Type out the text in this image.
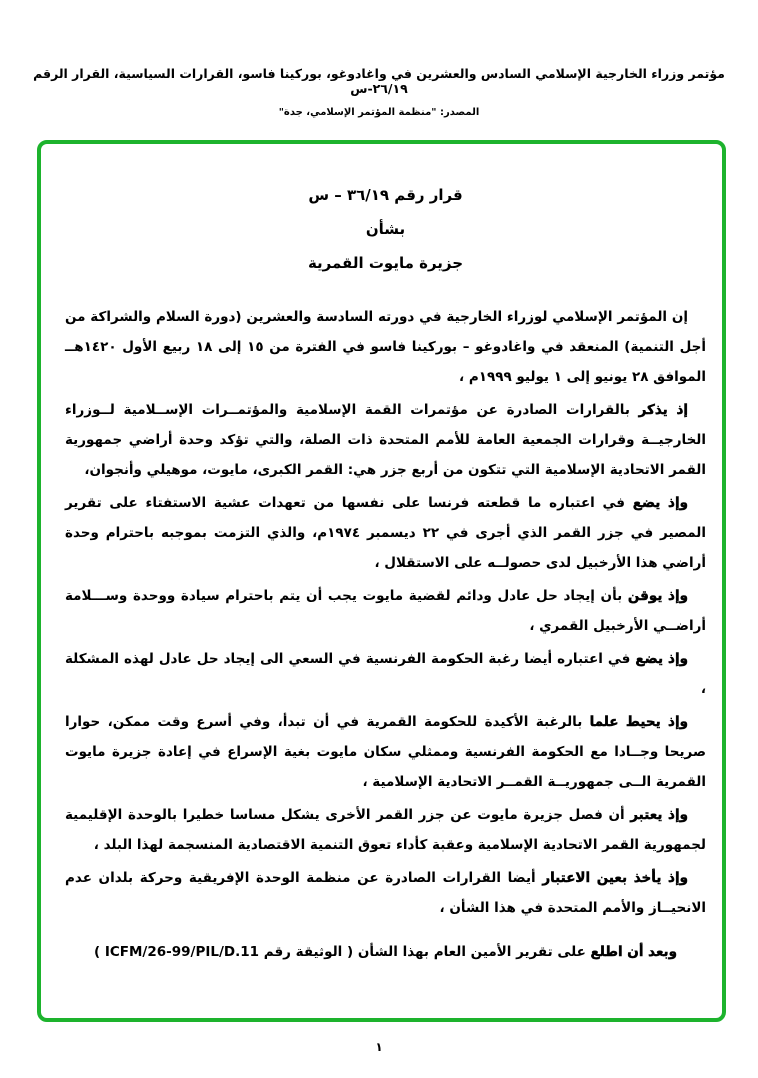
مؤتمر وزراء الخارجية الإسلامي السادس والعشرين في واغادوغو، بوركينا فاسو، القرارات السياسية، القرار الرقم ٢٦/١٩-س
المصدر: "منظمة المؤتمر الإسلامي، جدة"
قرار رقم ٣٦/١٩ – س
بشأن
جزيرة مايوت القمرية

إن المؤتمر الإسلامي لوزراء الخارجية في دورته السادسة والعشرين (دورة السلام والشراكة من أجل التنمية) المنعقد في واغادوغو – بوركينا فاسو في الفترة من ١٥ إلى ١٨ ربيع الأول ١٤٢٠هــ الموافق ٢٨ يونيو إلى ١ يوليو ١٩٩٩م ،

إذ يذكر بالقرارات الصادرة عن مؤتمرات القمة الإسلامية والمؤتمــرات الإســلامية لــوزراء الخارجيــة وقرارات الجمعية العامة للأمم المتحدة ذات الصلة، والتي تؤكد وحدة أراضي جمهورية القمر الاتحادية الإسلامية التي تتكون من أربع جزر هي: القمر الكبرى، مايوت، موهيلي وأنجوان،

وإذ يضع في اعتباره ما قطعته فرنسا على نفسها من تعهدات عشية الاستفتاء على تقرير المصير في جزر القمر الذي أجرى في ٢٢ ديسمبر ١٩٧٤م، والذي التزمت بموجبه باحترام وحدة أراضي هذا الأرخبيل لدى حصولــه على الاستقلال ،

وإذ يوقن بأن إيجاد حل عادل ودائم لقضية مايوت يجب أن يتم باحترام سيادة ووحدة وســـلامة أراضــي الأرخبيل القمري ،

وإذ يضع في اعتباره أيضا رغبة الحكومة الفرنسية في السعي الى إيجاد حل عادل لهذه المشكلة ،

وإذ يحيط علما بالرغبة الأكيدة للحكومة القمرية في أن تبدأ، وفي أسرع وقت ممكن، حوارا صريحا وجــادا مع الحكومة الفرنسية وممثلي سكان مايوت بغية الإسراع في إعادة جزيرة مايوت القمرية الــى جمهوريــة القمــر الاتحادية الإسلامية ،

وإذ يعتبر أن فصل جزيرة مايوت عن جزر القمر الأخرى يشكل مساسا خطيرا بالوحدة الإقليمية لجمهورية القمر الاتحادية الإسلامية وعقبة كأداء تعوق التنمية الاقتصادية المنسجمة لهذا البلد ،

وإذ يأخذ بعين الاعتبار أيضا القرارات الصادرة عن منظمة الوحدة الإفريقية وحركة بلدان عدم الانحيــاز والأمم المتحدة في هذا الشأن ،

وبعد أن اطلع على تقرير الأمين العام بهذا الشأن ( الوثيقة رقم ICFM/26-99/PIL/D.11 )

١
